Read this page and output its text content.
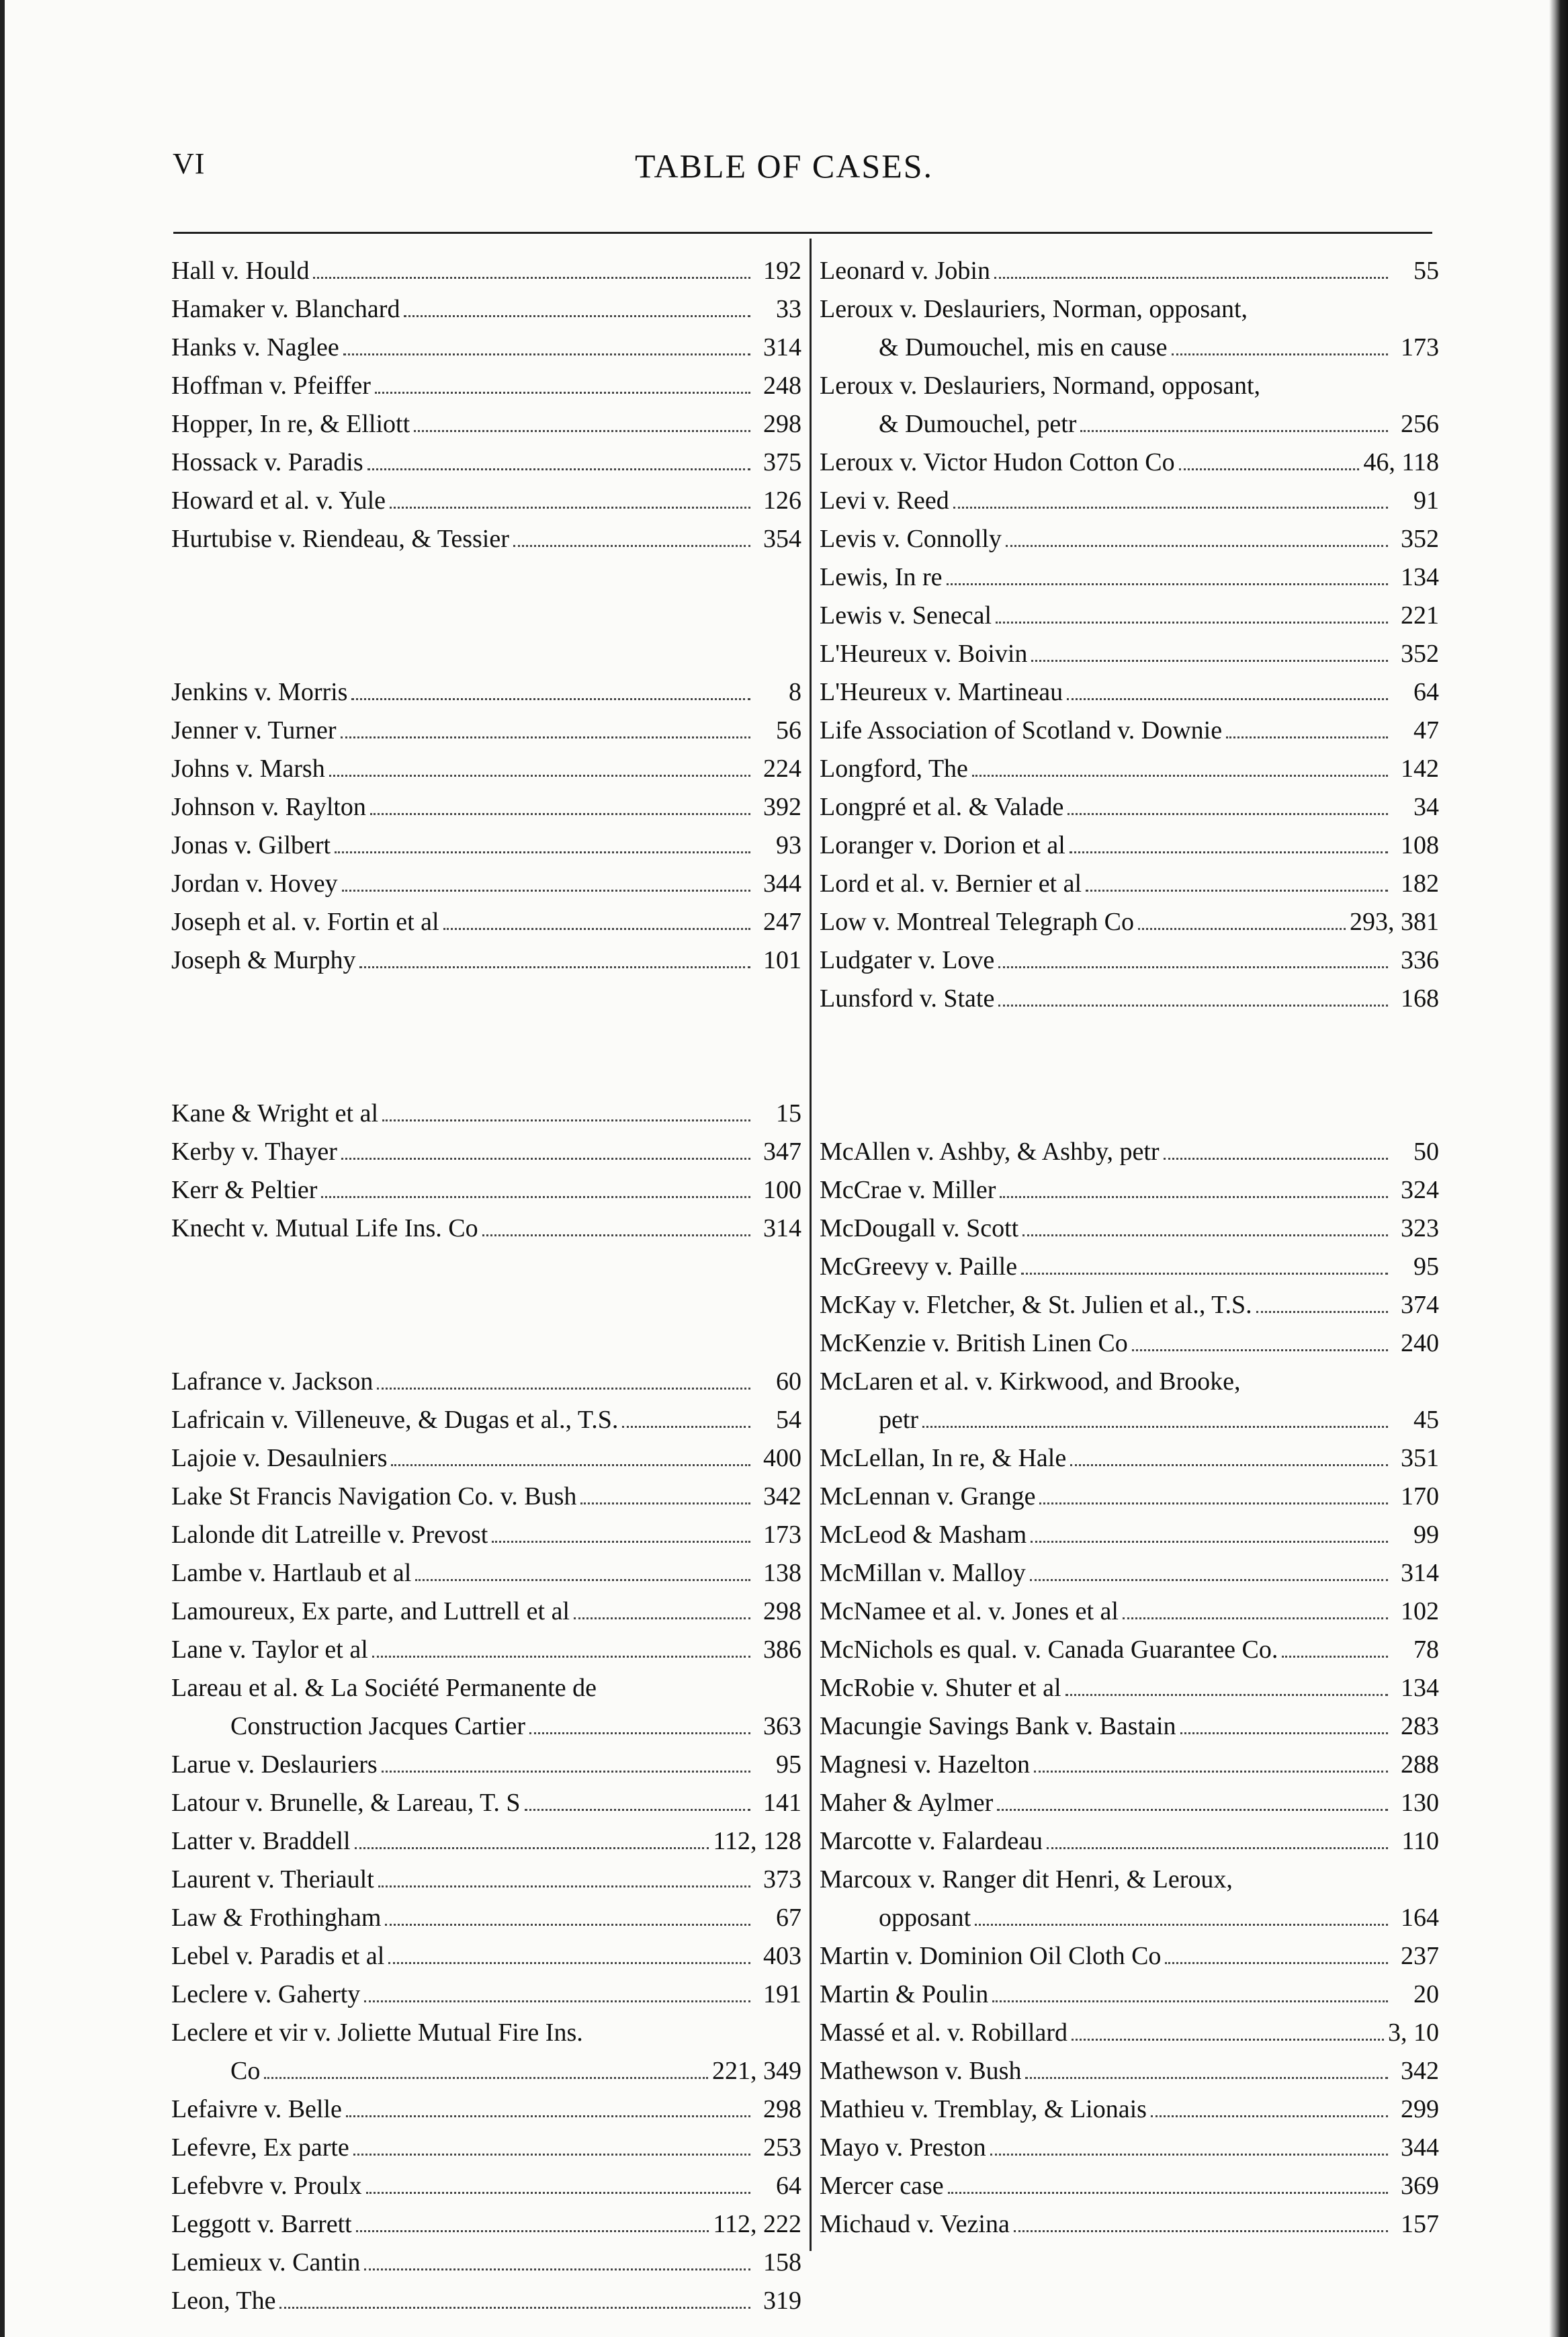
VI	TABLE OF CASES.
Hall v. Hould	192
Hamaker v. Blanchard	33
Hanks v. Naglee	314
Hoffman v. Pfeiffer	248
Hopper, In re, & Elliott	298
Hossack v. Paradis	375
Howard et al. v. Yule	126
Hurtubise v. Riendeau, & Tessier	354
Jenkins v. Morris	8
Jenner v. Turner	56
Johns v. Marsh	224
Johnson v. Raylton	392
Jonas v. Gilbert	93
Jordan v. Hovey	344
Joseph et al. v. Fortin et al	247
Joseph & Murphy	101
Kane & Wright et al	15
Kerby v. Thayer	347
Kerr & Peltier	100
Knecht v. Mutual Life Ins. Co	314
Lafrance v. Jackson	60
Lafricain v. Villeneuve, & Dugas et al., T.S.	54
Lajoie v. Desaulniers	400
Lake St Francis Navigation Co. v. Bush	342
Lalonde dit Latreille v. Prevost	173
Lambe v. Hartlaub et al	138
Lamoureux, Ex parte, and Luttrell et al	298
Lane v. Taylor et al	386
Lareau et al. & La Société Permanente de
Construction Jacques Cartier	363
Larue v. Deslauriers	95
Latour v. Brunelle, & Lareau, T. S	141
Latter v. Braddell	112, 128
Laurent v. Theriault	373
Law & Frothingham	67
Lebel v. Paradis et al	403
Leclere v. Gaherty	191
Leclere et vir v. Joliette Mutual Fire Ins.
Co	221, 349
Lefaivre v. Belle	298
Lefevre, Ex parte	253
Lefebvre v. Proulx	64
Leggott v. Barrett	112, 222
Lemieux v. Cantin	158
Leon, The	319
Leonard v. Jobin	55
Leroux v. Deslauriers, Norman, opposant,
& Dumouchel, mis en cause	173
Leroux v. Deslauriers, Normand, opposant,
& Dumouchel, petr	256
Leroux v. Victor Hudon Cotton Co	46, 118
Levi v. Reed	91
Levis v. Connolly	352
Lewis, In re	134
Lewis v. Senecal	221
L'Heureux v. Boivin	352
L'Heureux v. Martineau	64
Life Association of Scotland v. Downie	47
Longford, The	142
Longpré et al. & Valade	34
Loranger v. Dorion et al	108
Lord et al. v. Bernier et al	182
Low v. Montreal Telegraph Co	293, 381
Ludgater v. Love	336
Lunsford v. State	168
McAllen v. Ashby, & Ashby, petr	50
McCrae v. Miller	324
McDougall v. Scott	323
McGreevy v. Paille	95
McKay v. Fletcher, & St. Julien et al., T.S.	374
McKenzie v. British Linen Co	240
McLaren et al. v. Kirkwood, and Brooke,
petr	45
McLellan, In re, & Hale	351
McLennan v. Grange	170
McLeod & Masham	99
McMillan v. Malloy	314
McNamee et al. v. Jones et al	102
McNichols es qual. v. Canada Guarantee Co.	78
McRobie v. Shuter et al	134
Macungie Savings Bank v. Bastain	283
Magnesi v. Hazelton	288
Maher & Aylmer	130
Marcotte v. Falardeau	110
Marcoux v. Ranger dit Henri, & Leroux,
opposant	164
Martin v. Dominion Oil Cloth Co	237
Martin & Poulin	20
Massé et al. v. Robillard	3, 10
Mathewson v. Bush	342
Mathieu v. Tremblay, & Lionais	299
Mayo v. Preston	344
Mercer case	369
Michaud v. Vezina	157
